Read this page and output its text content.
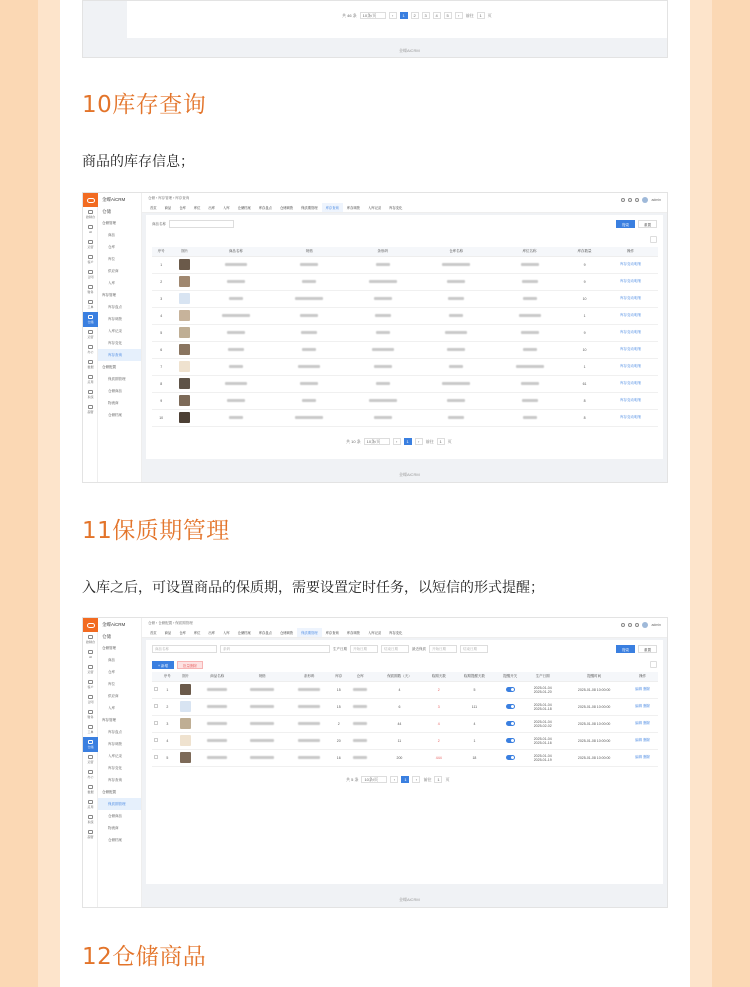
共 46 条	10条/页	‹	1	2	3	4	5	›	前往	1	页
金蝶AiCRM
10库存查询
商品的库存信息；
控制台
AI
运营
客户
合同
财务
工单
仓储
运营
办公
数据
应用
系统
超管
金蝶AiCRM
仓储
仓储管理
商品
仓库
库位
供应商
入库
库存管理
库存盘点
库存调拨
入库记录
库存变化
库存查询
仓储配置
保质期管理
仓储商品
物流商
仓储档案
仓储 › 库存管理 › 库存查询	admin
首页	商品	仓库	库位	出库	入库	仓储档案	库存盘点	仓储调拨	保质期管理	库存查询	库存调拨	入库记录	库存变化
商品名称	搜索	重置
序号	图片	商品名称	规格	条形码	仓库名称	库位名称	库存数量	操作
1							9	库存变动明细
2							9	库存变动明细
3							10	库存变动明细
4							1	库存变动明细
5							9	库存变动明细
6							10	库存变动明细
7							1	库存变动明细
8							61	库存变动明细
9							8	库存变动明细
10							8	库存变动明细
共 10 条	10条/页	‹	1	›	前往	1	页
金蝶AiCRM
11保质期管理
入库之后，可设置商品的保质期，需要设置定时任务，以短信的形式提醒；
控制台
AI
运营
客户
合同
财务
工单
仓储
运营
办公
数据
应用
系统
超管
金蝶AiCRM
仓储
仓储管理
商品
仓库
库位
供应商
入库
库存管理
库存盘点
库存调拨
入库记录
库存变化
库存查询
仓储配置
保质期管理
仓储商品
物流商
仓储档案
仓储 › 仓储配置 › 保质期管理	admin
首页	商品	仓库	库位	出库	入库	仓储档案	库存盘点	仓储调拨	保质期管理	库存查询	库存调拨	入库记录	库存变化
商品名称	条码	生产日期	开始日期	结束日期	最近保质	开始日期	结束日期	搜索	重置
+ 新增	批量删除
	序号	图片	商品名称	规格	条形码	库存	仓库	保质期数（天）	临期天数	临期提醒天数	提醒开关	生产日期	提醒时间	操作
	1					15		4	2	5		2025-01-04
2025-01-20	2025-01-08 10:00:00	编辑 删除
	2					15		6	3	111		2025-01-04
2025-01-18	2025-01-08 10:00:00	编辑 删除
	3					2		44	4	4		2025-01-04
2025-02-02	2025-01-08 10:00:00	编辑 删除
	4					20		11	2	1		2025-01-04
2025-01-16	2025-01-08 10:00:00	编辑 删除
	5					16		200	444	18		2025-01-04
2025-01-19	2025-01-08 10:00:00	编辑 删除
共 5 条	10条/页	‹	1	›	前往	1	页
金蝶AiCRM
12仓储商品
